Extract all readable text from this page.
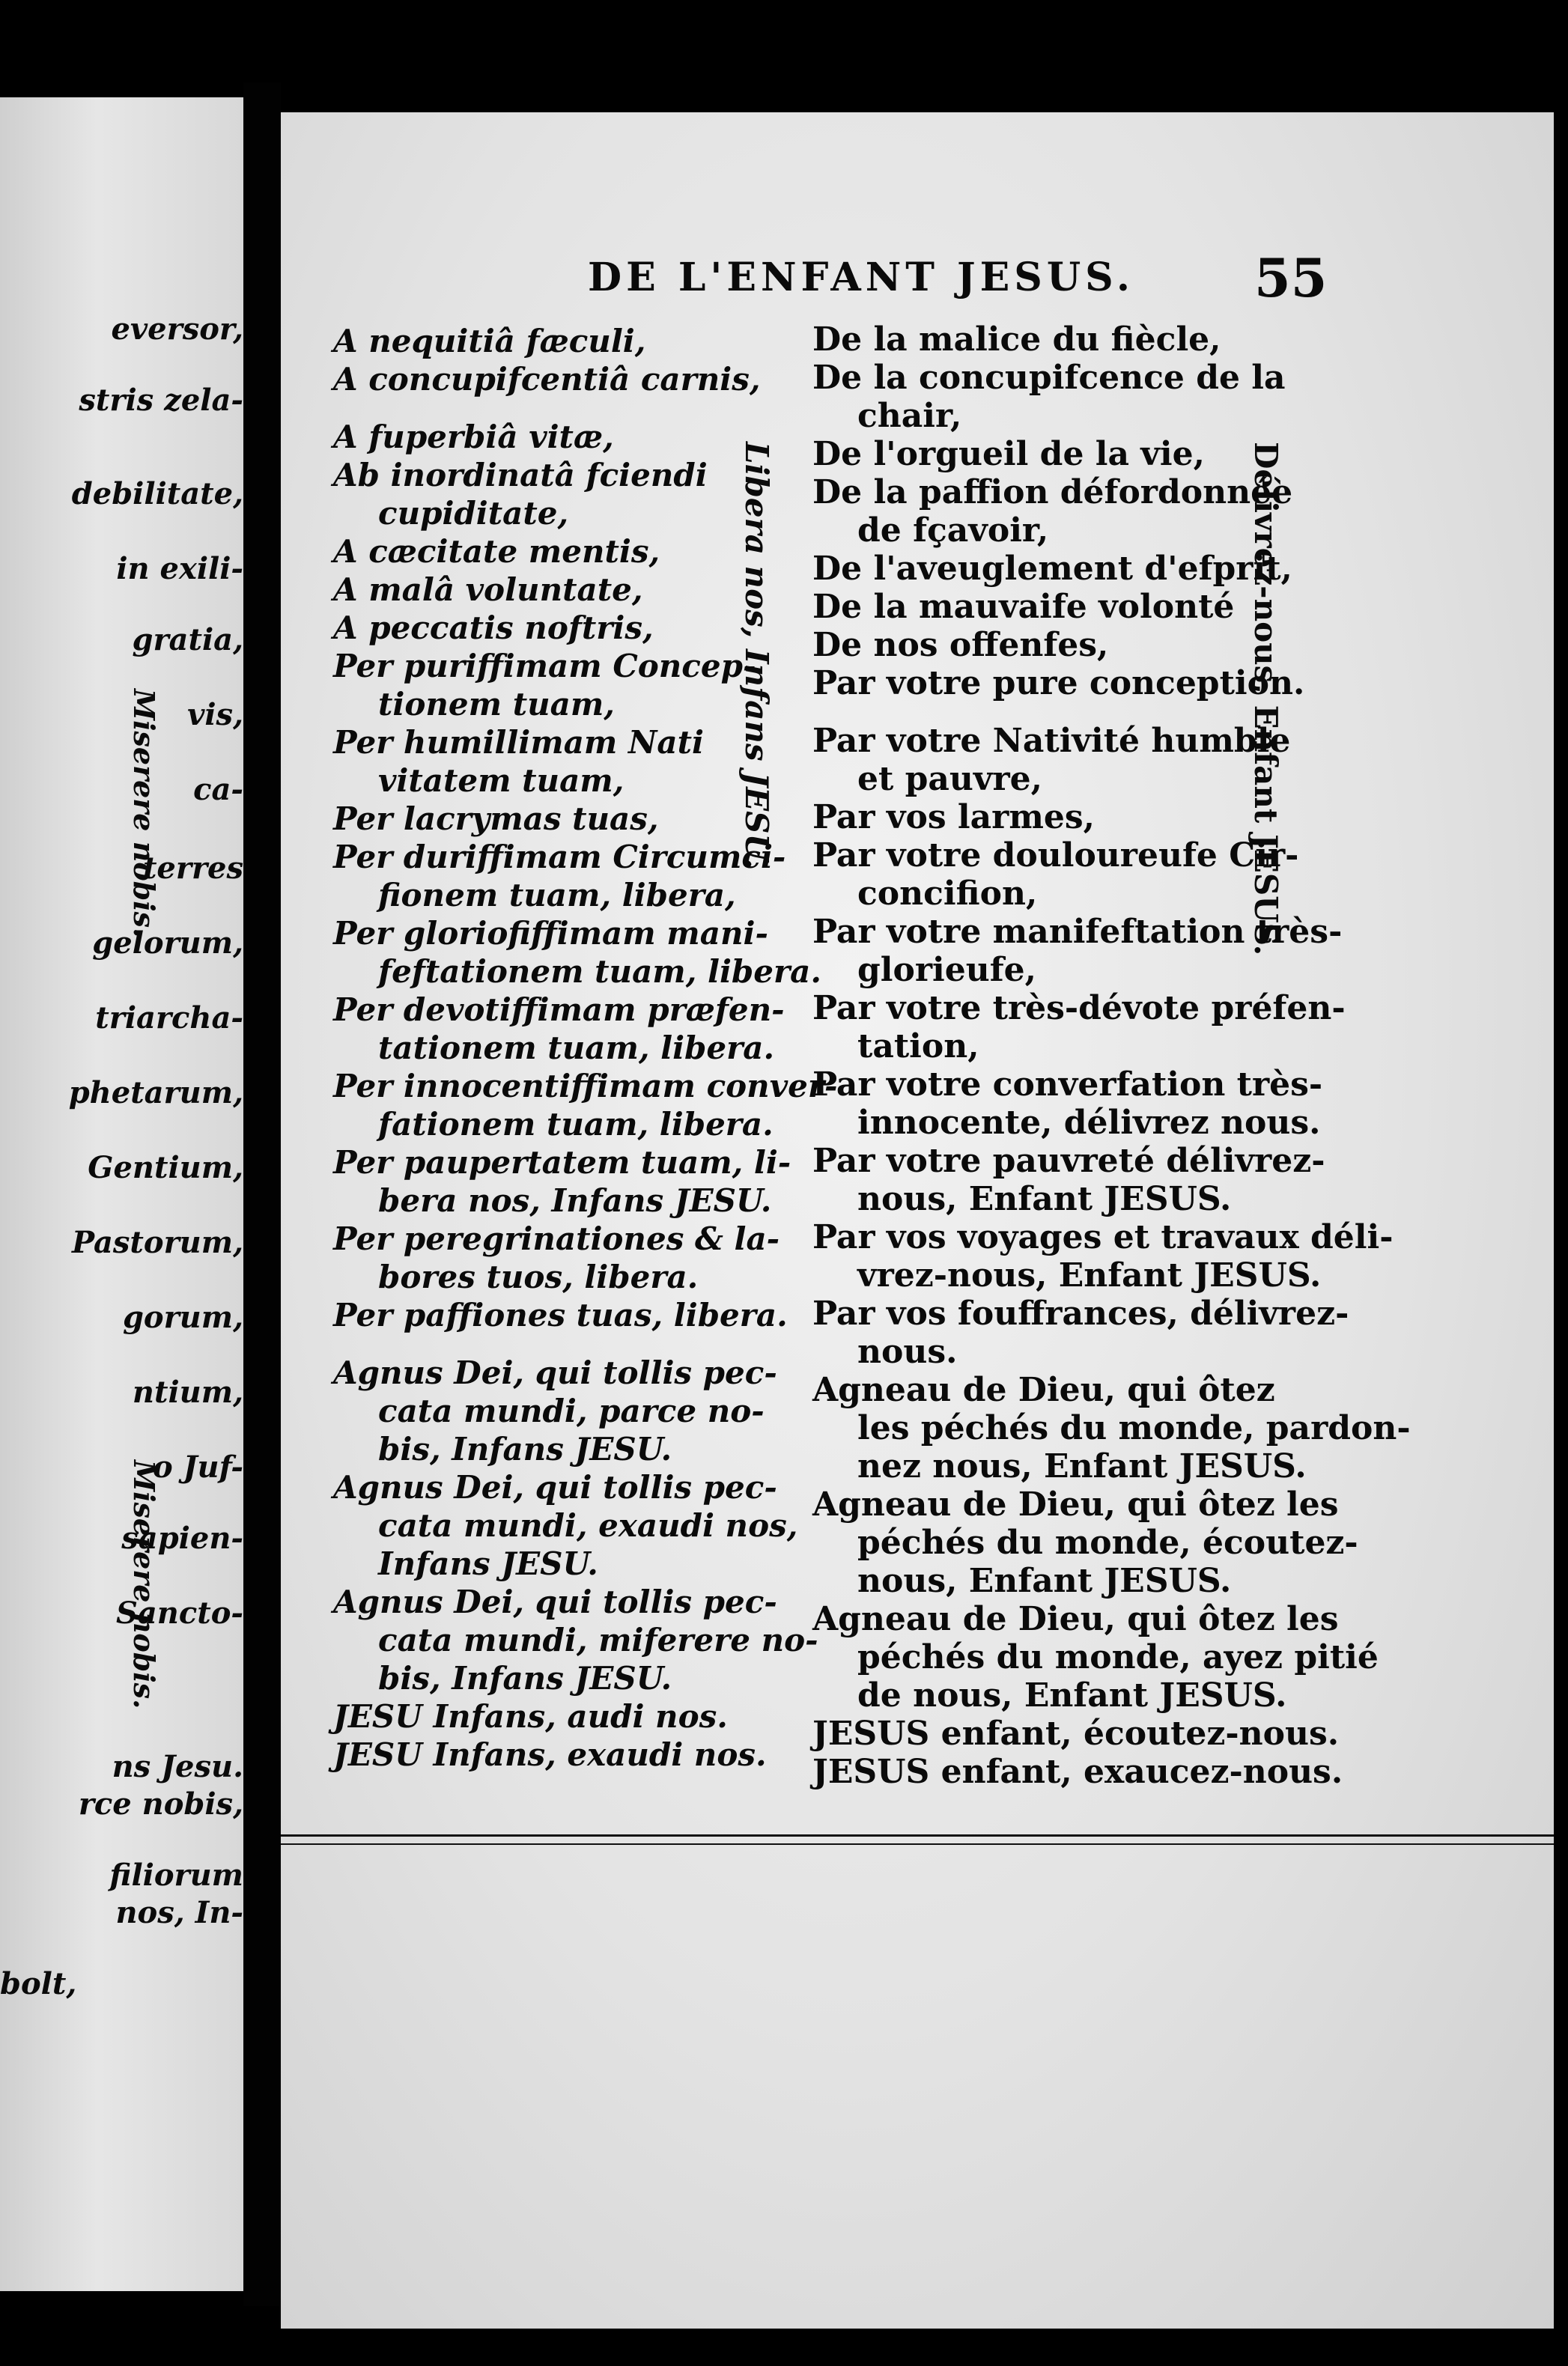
eversor,
stris zela-
debilitate,
in exili-
gratia,
vis,
ca-
terres
gelorum,
triarcha-
phetarum,
Gentium,
Pastorum,
gorum,
ntium,
o Juf-
sapien-
Sancto-
ns Jesu.
rce nobis,
filiorum
nos, In-
bolt,
Miserere nobis.
Miserere nobis.
DE L'ENFANT JESUS.	55
A nequitiâ fæculi,
A concupifcentiâ carnis,
A fuperbiâ vitæ,
Ab inordinatâ fciendi
cupiditate,
A cæcitate mentis,
A malâ voluntate,
A peccatis noftris,
Per puriffimam Concep-
tionem tuam,
Per humillimam Nati
vitatem tuam,
Per lacrymas tuas,
Per duriffimam Circumci-
fionem tuam, libera,
Per gloriofiffimam mani-
feftationem tuam, libera.
Per devotiffimam præfen-
tationem tuam, libera.
Per innocentiffimam conver-
fationem tuam, libera.
Per paupertatem tuam, li-
bera nos, Infans JESU.
Per peregrinationes & la-
bores tuos, libera.
Per paffiones tuas, libera.
Agnus Dei, qui tollis pec-
cata mundi, parce no-
bis, Infans JESU.
Agnus Dei, qui tollis pec-
cata mundi, exaudi nos,
Infans JESU.
Agnus Dei, qui tollis pec-
cata mundi, miferere no-
bis, Infans JESU.
JESU Infans, audi nos.
JESU Infans, exaudi nos.
De la malice du fiècle,
De la concupifcence de la
chair,
De l'orgueil de la vie,
De la paffion défordonnée
de fçavoir,
De l'aveuglement d'efprit,
De la mauvaife volonté
De nos offenfes,
Par votre pure conception.
Par votre Nativité humble
et pauvre,
Par vos larmes,
Par votre douloureufe Cir-
concifion,
Par votre manifeftation très-
glorieufe,
Par votre très-dévote préfen-
tation,
Par votre converfation très-
innocente, délivrez nous.
Par votre pauvreté délivrez-
nous, Enfant JESUS.
Par vos voyages et travaux déli-
vrez-nous, Enfant JESUS.
Par vos fouffrances, délivrez-
nous.
Agneau de Dieu, qui ôtez
les péchés du monde, pardon-
nez nous, Enfant JESUS.
Agneau de Dieu, qui ôtez les
péchés du monde, écoutez-
nous, Enfant JESUS.
Agneau de Dieu, qui ôtez les
péchés du monde, ayez pitié
de nous, Enfant JESUS.
JESUS enfant, écoutez-nous.
JESUS enfant, exaucez-nous.
Libera nos, Infans JESU.	Délivrez-nous, Enfant JESUS.
